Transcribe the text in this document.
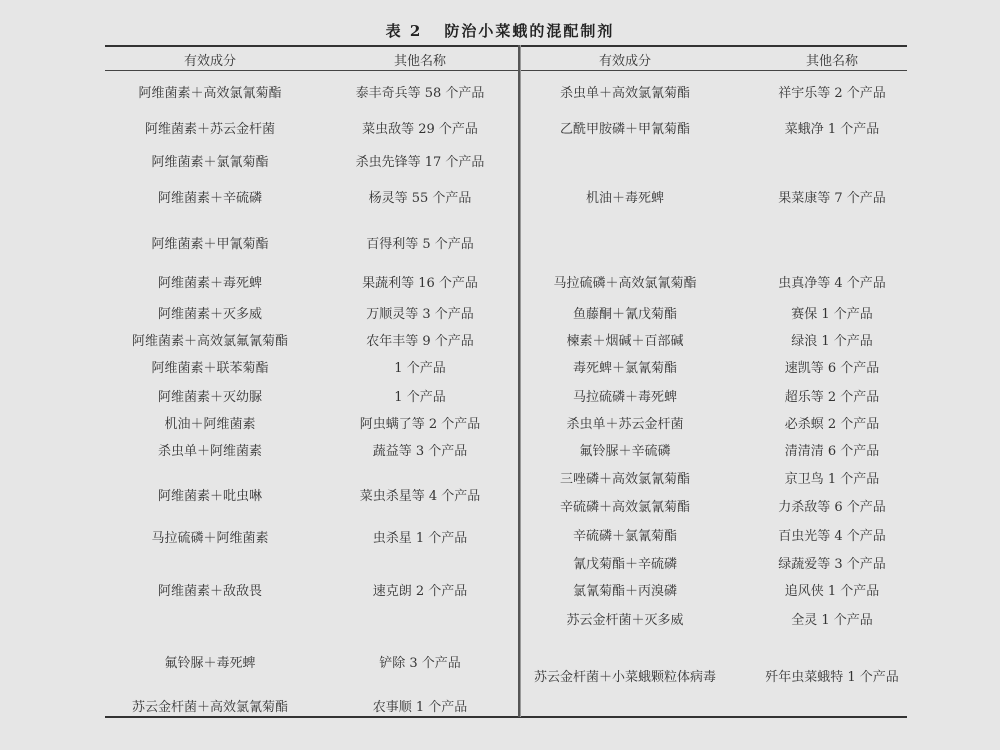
表 2 防治小菜蛾的混配制剂
有效成分	其他名称	有效成分	其他名称
阿维菌素＋高效氯氰菊酯	泰丰奇兵等 58 个产品
阿维菌素＋苏云金杆菌	菜虫敌等 29 个产品
阿维菌素＋氯氰菊酯	杀虫先锋等 17 个产品
阿维菌素＋辛硫磷	杨灵等 55 个产品
阿维菌素＋甲氰菊酯	百得利等 5 个产品
阿维菌素＋毒死蜱	果蔬利等 16 个产品
阿维菌素＋灭多威	万顺灵等 3 个产品
阿维菌素＋高效氯氟氰菊酯	农年丰等 9 个产品
阿维菌素＋联苯菊酯	1 个产品
阿维菌素＋灭幼脲	1 个产品
机油＋阿维菌素	阿虫螨了等 2 个产品
杀虫单＋阿维菌素	蔬益等 3 个产品
阿维菌素＋吡虫啉	菜虫杀星等 4 个产品
马拉硫磷＋阿维菌素	虫杀星 1 个产品
阿维菌素＋敌敌畏	速克朗 2 个产品
氟铃脲＋毒死蜱	铲除 3 个产品
苏云金杆菌＋高效氯氰菊酯	农事顺 1 个产品
杀虫单＋高效氯氰菊酯	祥宇乐等 2 个产品
乙酰甲胺磷＋甲氰菊酯	菜蛾净 1 个产品
机油＋毒死蜱	果菜康等 7 个产品
马拉硫磷＋高效氯氰菊酯	虫真净等 4 个产品
鱼藤酮＋氰戊菊酯	赛保 1 个产品
楝素＋烟碱＋百部碱	绿浪 1 个产品
毒死蜱＋氯氰菊酯	速凯等 6 个产品
马拉硫磷＋毒死蜱	超乐等 2 个产品
杀虫单＋苏云金杆菌	必杀螟 2 个产品
氟铃脲＋辛硫磷	清清清 6 个产品
三唑磷＋高效氯氰菊酯	京卫鸟 1 个产品
辛硫磷＋高效氯氰菊酯	力杀敌等 6 个产品
辛硫磷＋氯氰菊酯	百虫光等 4 个产品
氰戊菊酯＋辛硫磷	绿蔬爱等 3 个产品
氯氰菊酯＋丙溴磷	追风侠 1 个产品
苏云金杆菌＋灭多威	全灵 1 个产品
苏云金杆菌＋小菜蛾颗粒体病毒	歼年虫菜蛾特 1 个产品
